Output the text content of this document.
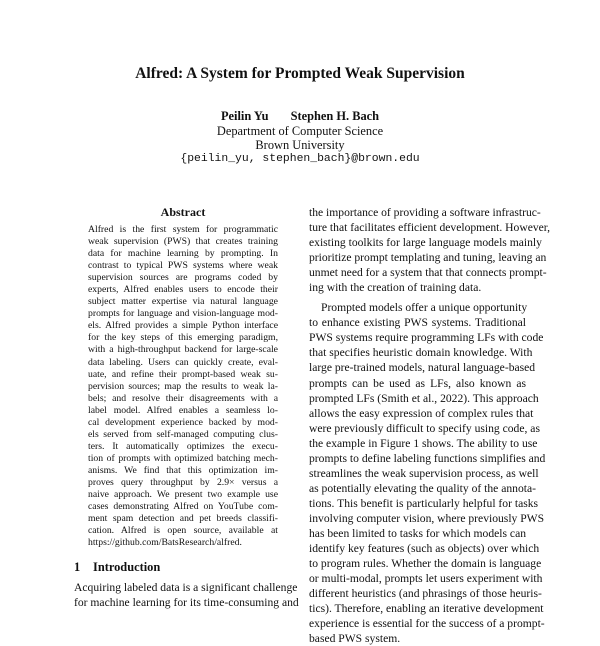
Alfred: A System for Prompted Weak Supervision
Peilin Yu Stephen H. Bach
Department of Computer Science
Brown University
{peilin_yu, stephen_bach}@brown.edu
Abstract
Alfred is the first system for programmatic
weak supervision (PWS) that creates training
data for machine learning by prompting. In
contrast to typical PWS systems where weak
supervision sources are programs coded by
experts, Alfred enables users to encode their
subject matter expertise via natural language
prompts for language and vision-language mod-
els. Alfred provides a simple Python interface
for the key steps of this emerging paradigm,
with a high-throughput backend for large-scale
data labeling. Users can quickly create, eval-
uate, and refine their prompt-based weak su-
pervision sources; map the results to weak la-
bels; and resolve their disagreements with a
label model. Alfred enables a seamless lo-
cal development experience backed by mod-
els served from self-managed computing clus-
ters. It automatically optimizes the execu-
tion of prompts with optimized batching mech-
anisms. We find that this optimization im-
proves query throughput by 2.9× versus a
naive approach. We present two example use
cases demonstrating Alfred on YouTube com-
ment spam detection and pet breeds classifi-
cation. Alfred is open source, available at
https://github.com/BatsResearch/alfred.
1 Introduction
Acquiring labeled data is a significant challenge
for machine learning for its time-consuming and
the importance of providing a software infrastruc-
ture that facilitates efficient development. However,
existing toolkits for large language models mainly
prioritize prompt templating and tuning, leaving an
unmet need for a system that that connects prompt-
ing with the creation of training data.
Prompted models offer a unique opportunity
to enhance existing PWS systems. Traditional
PWS systems require programming LFs with code
that specifies heuristic domain knowledge. With
large pre-trained models, natural language-based
prompts can be used as LFs, also known as
prompted LFs (Smith et al., 2022). This approach
allows the easy expression of complex rules that
were previously difficult to specify using code, as
the example in Figure 1 shows. The ability to use
prompts to define labeling functions simplifies and
streamlines the weak supervision process, as well
as potentially elevating the quality of the annota-
tions. This benefit is particularly helpful for tasks
involving computer vision, where previously PWS
has been limited to tasks for which models can
identify key features (such as objects) over which
to program rules. Whether the domain is language
or multi-modal, prompts let users experiment with
different heuristics (and phrasings of those heuris-
tics). Therefore, enabling an iterative development
experience is essential for the success of a prompt-
based PWS system.
